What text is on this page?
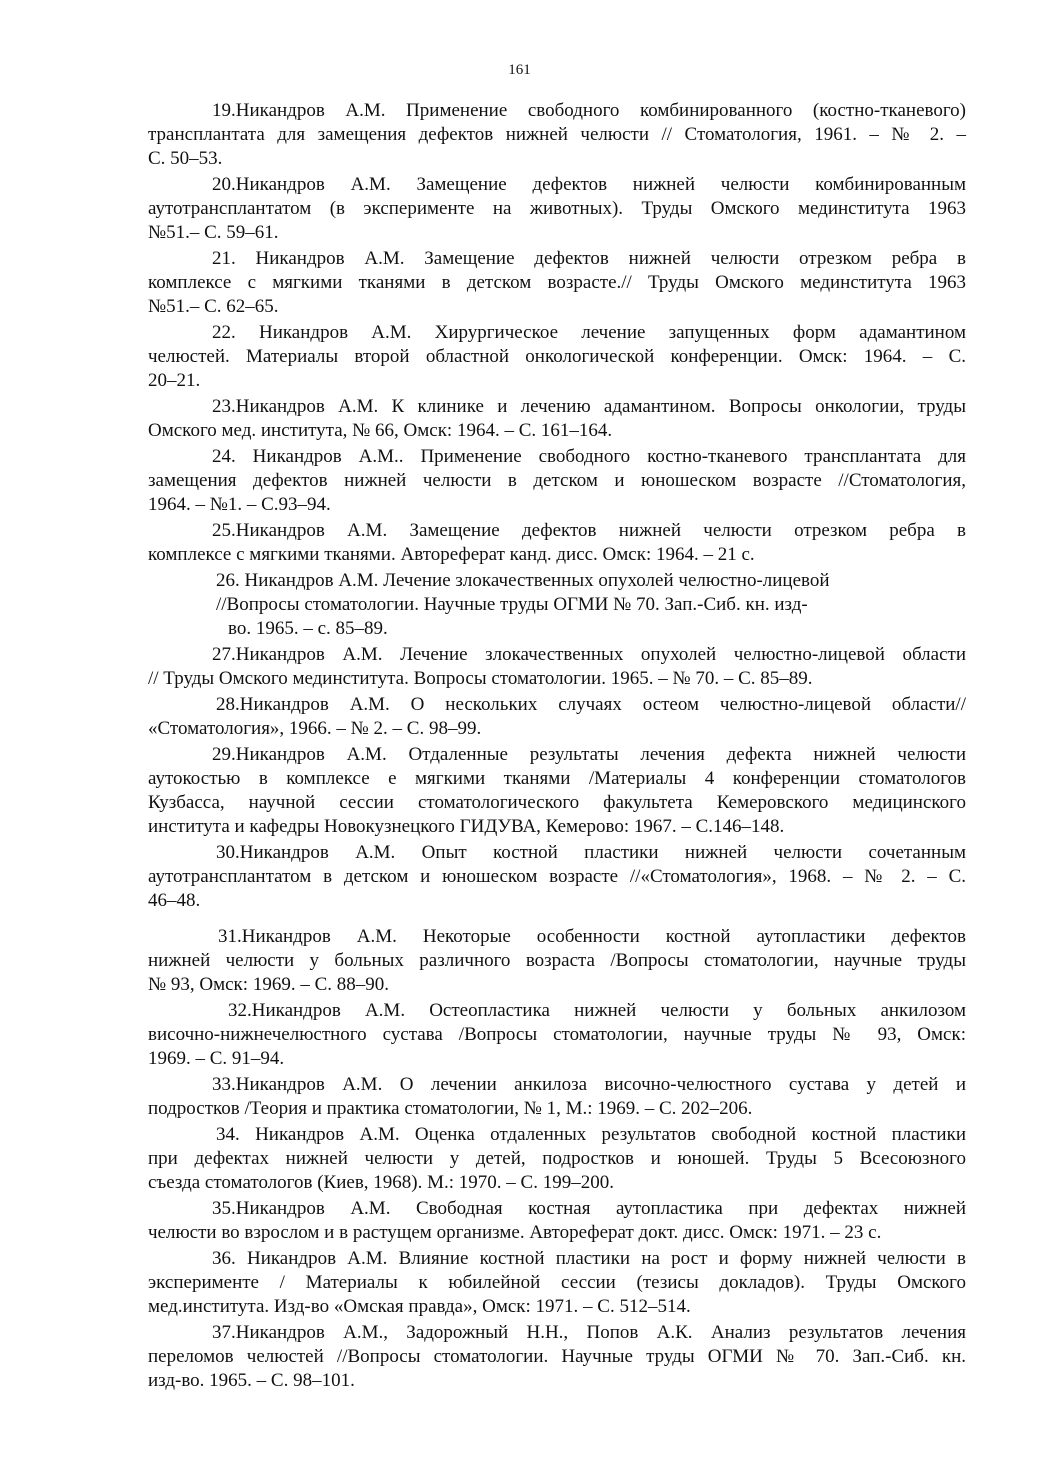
161
19.Никандров А.М. Применение свободного комбинированного (костно-тканевого)
трансплантата для замещения дефектов нижней челюсти // Стоматология, 1961. – № 2. –
С. 50–53.
20.Никандров А.М. Замещение дефектов нижней челюсти комбинированным
аутотрансплантатом (в эксперименте на животных). Труды Омского мединститута 1963
№51.– С. 59–61.
21. Никандров А.М. Замещение дефектов нижней челюсти отрезком ребра в
комплексе с мягкими тканями в детском возрасте.// Труды Омского мединститута 1963
№51.– С. 62–65.
22. Никандров А.М. Хирургическое лечение запущенных форм адамантином
челюстей. Материалы второй областной онкологической конференции. Омск: 1964. – С.
20–21.
23.Никандров А.М. К клинике и лечению адамантином. Вопросы онкологии, труды
Омского мед. института, № 66, Омск: 1964. – С. 161–164.
24. Никандров А.М.. Применение свободного костно-тканевого трансплантата для
замещения дефектов нижней челюсти в детском и юношеском возрасте //Стоматология,
1964. – №1. – С.93–94.
25.Никандров А.М. Замещение дефектов нижней челюсти отрезком ребра в
комплексе с мягкими тканями. Автореферат канд. дисс. Омск: 1964. – 21 с.
26. Никандров А.М. Лечение злокачественных опухолей челюстно-лицевой
//Вопросы стоматологии. Научные труды ОГМИ № 70. Зап.-Сиб. кн. изд-
во. 1965. – с. 85–89.
27.Никандров А.М. Лечение злокачественных опухолей челюстно-лицевой области
// Труды Омского мединститута. Вопросы стоматологии. 1965. – № 70. – С. 85–89.
28.Никандров А.М. О нескольких случаях остеом челюстно-лицевой области//
«Стоматология», 1966. – № 2. – С. 98–99.
29.Никандров А.М. Отдаленные результаты лечения дефекта нижней челюсти
аутокостью в комплексе е мягкими тканями /Материалы 4 конференции стоматологов
Кузбасса, научной сессии стоматологического факультета Кемеровского медицинского
института и кафедры Новокузнецкого ГИДУВА, Кемерово: 1967. – С.146–148.
30.Никандров А.М. Опыт костной пластики нижней челюсти сочетанным
аутотрансплантатом в детском и юношеском возрасте //«Стоматология», 1968. – № 2. – С.
46–48.
31.Никандров А.М. Некоторые особенности костной аутопластики дефектов
нижней челюсти у больных различного возраста /Вопросы стоматологии, научные труды
№ 93, Омск: 1969. – С. 88–90.
32.Никандров А.М. Остеопластика нижней челюсти у больных анкилозом
височно-нижнечелюстного сустава /Вопросы стоматологии, научные труды № 93, Омск:
1969. – С. 91–94.
33.Никандров А.М. О лечении анкилоза височно-челюстного сустава у детей и
подростков /Теория и практика стоматологии, № 1, М.: 1969. – С. 202–206.
34. Никандров А.М. Оценка отдаленных результатов свободной костной пластики
при дефектах нижней челюсти у детей, подростков и юношей. Труды 5 Всесоюзного
съезда стоматологов (Киев, 1968). М.: 1970. – С. 199–200.
35.Никандров А.М. Свободная костная аутопластика при дефектах нижней
челюсти во взрослом и в растущем организме. Автореферат докт. дисс. Омск: 1971. – 23 с.
36. Никандров А.М. Влияние костной пластики на рост и форму нижней челюсти в
эксперименте / Материалы к юбилейной сессии (тезисы докладов). Труды Омского
мед.института. Изд-во «Омская правда», Омск: 1971. – С. 512–514.
37.Никандров А.М., Задорожный Н.Н., Попов А.К. Анализ результатов лечения
переломов челюстей //Вопросы стоматологии. Научные труды ОГМИ № 70. Зап.-Сиб. кн.
изд-во. 1965. – С. 98–101.
